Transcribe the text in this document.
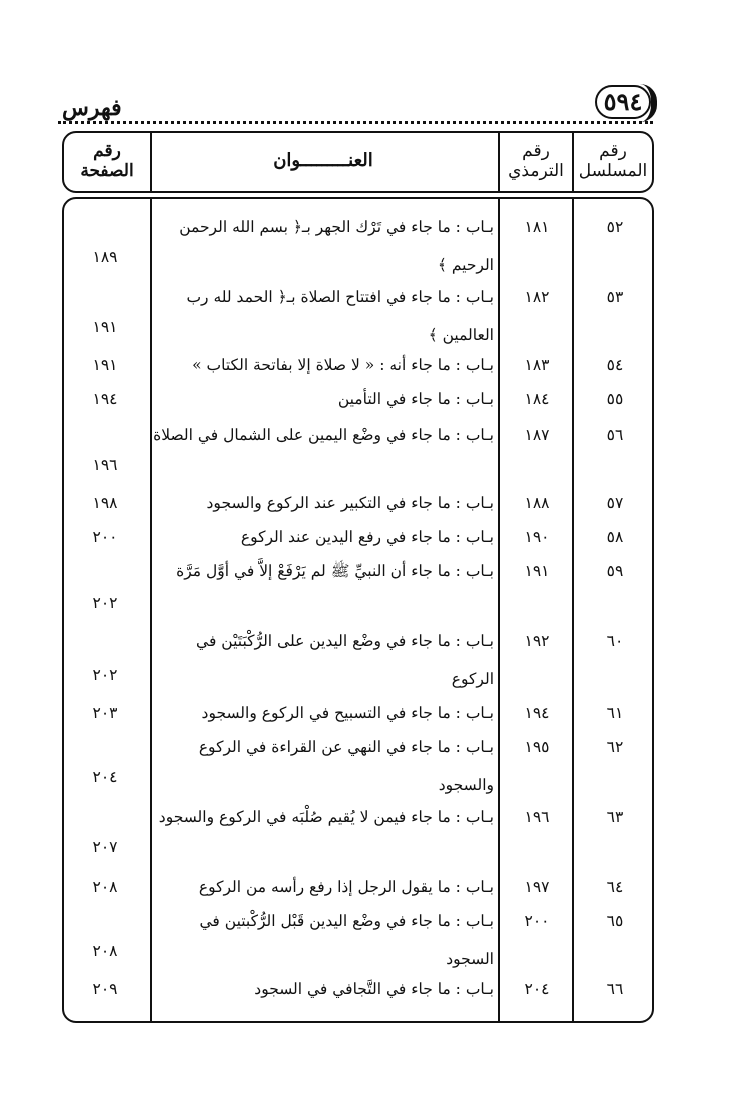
٥٩٤
فهرس
رقم المسلسل
رقم الترمذي
العنـــــــــوان
رقم الصفحة
٥٢
١٨١
بـاب : ما جاء في تَرْك الجهر بـ﴿ بسم الله الرحمن الرحيم ﴾
١٨٩
٥٣
١٨٢
بـاب : ما جاء في افتتاح الصلاة بـ﴿ الحمد لله رب العالمين ﴾
١٩١
٥٤
١٨٣
بـاب : ما جاء أنه : « لا صلاة إلا بفاتحة الكتاب »
١٩١
٥٥
١٨٤
بـاب : ما جاء في التأمين
١٩٤
٥٦
١٨٧
بـاب : ما جاء في وضْع اليمين على الشمال في الصلاة
١٩٦
٥٧
١٨٨
بـاب : ما جاء في التكبير عند الركوع والسجود
١٩٨
٥٨
١٩٠
بـاب : ما جاء في رفع اليدين عند الركوع
٢٠٠
٥٩
١٩١
بـاب : ما جاء أن النبيِّ ﷺ لم يَرْفَعْ إلاَّ في أوَّل مَرَّة
٢٠٢
٦٠
١٩٢
بـاب : ما جاء في وضْع اليدين على الرُّكْبَتَيْن في الركوع
٢٠٢
٦١
١٩٤
بـاب : ما جاء في التسبيح في الركوع والسجود
٢٠٣
٦٢
١٩٥
بـاب : ما جاء في النهي عن القراءة في الركوع والسجود
٢٠٤
٦٣
١٩٦
بـاب : ما جاء فيمن لا يُقيم صُلْبَه في الركوع والسجود
٢٠٧
٦٤
١٩٧
بـاب : ما يقول الرجل إذا رفع رأسه من الركوع
٢٠٨
٦٥
٢٠٠
بـاب : ما جاء في وضْع اليدين قَبْل الرُّكْبتين في السجود
٢٠٨
٦٦
٢٠٤
بـاب : ما جاء في التَّجافي في السجود
٢٠٩
